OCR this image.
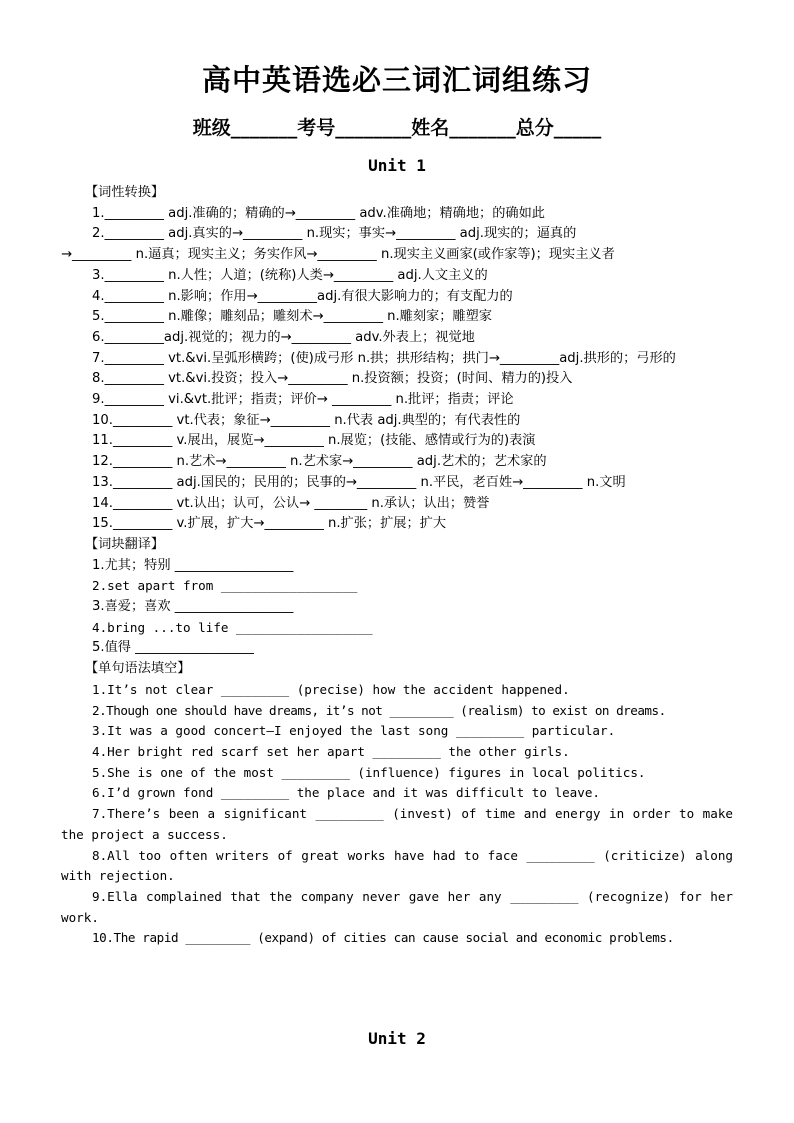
高中英语选必三词汇词组练习
班级_______考号________姓名_______总分_____
Unit 1
【词性转换】
1._________ adj.准确的；精确的→_________ adv.准确地；精确地；的确如此
2._________ adj.真实的→_________ n.现实；事实→_________ adj.现实的；逼真的
→_________ n.逼真；现实主义；务实作风→_________ n.现实主义画家(或作家等)；现实主义者
3._________ n.人性；人道；(统称)人类→_________ adj.人文主义的
4._________ n.影响；作用→_________adj.有很大影响力的；有支配力的
5._________ n.雕像；雕刻品；雕刻术→_________ n.雕刻家；雕塑家
6._________adj.视觉的；视力的→_________ adv.外表上；视觉地
7._________ vt.&vi.呈弧形横跨；(使)成弓形 n.拱；拱形结构；拱门→_________adj.拱形的；弓形的
8._________ vt.&vi.投资；投入→_________ n.投资额；投资；(时间、精力的)投入
9._________ vi.&vt.批评；指责；评价→ _________ n.批评；指责；评论
10._________ vt.代表；象征→_________ n.代表 adj.典型的；有代表性的
11._________ v.展出，展览→_________ n.展览；(技能、感情或行为的)表演
12._________ n.艺术→_________ n.艺术家→_________ adj.艺术的；艺术家的
13._________ adj.国民的；民用的；民事的→_________ n.平民，老百姓→_________ n.文明
14._________ vt.认出；认可，公认→ ________ n.承认；认出；赞誉
15._________ v.扩展，扩大→_________ n.扩张；扩展；扩大
【词块翻译】
1.尤其；特别 __________________
2.set apart from __________________
3.喜爱；喜欢 __________________
4.bring ...to life __________________
5.值得 __________________
【单句语法填空】
1.It’s not clear _________ (precise) how the accident happened.
2.Though one should have dreams, it’s not _________ (realism) to exist on dreams.
3.It was a good concert—I enjoyed the last song _________ particular.
4.Her bright red scarf set her apart _________ the other girls.
5.She is one of the most _________ (influence) figures in local politics.
6.I’d grown fond _________ the place and it was difficult to leave.
7.There’s been a significant _________ (invest) of time and energy in order to make the project a success.
8.All too often writers of great works have had to face _________ (criticize) along with rejection.
9.Ella complained that the company never gave her any _________ (recognize) for her work.
10.The rapid _________ (expand) of cities can cause social and economic problems.
Unit 2
